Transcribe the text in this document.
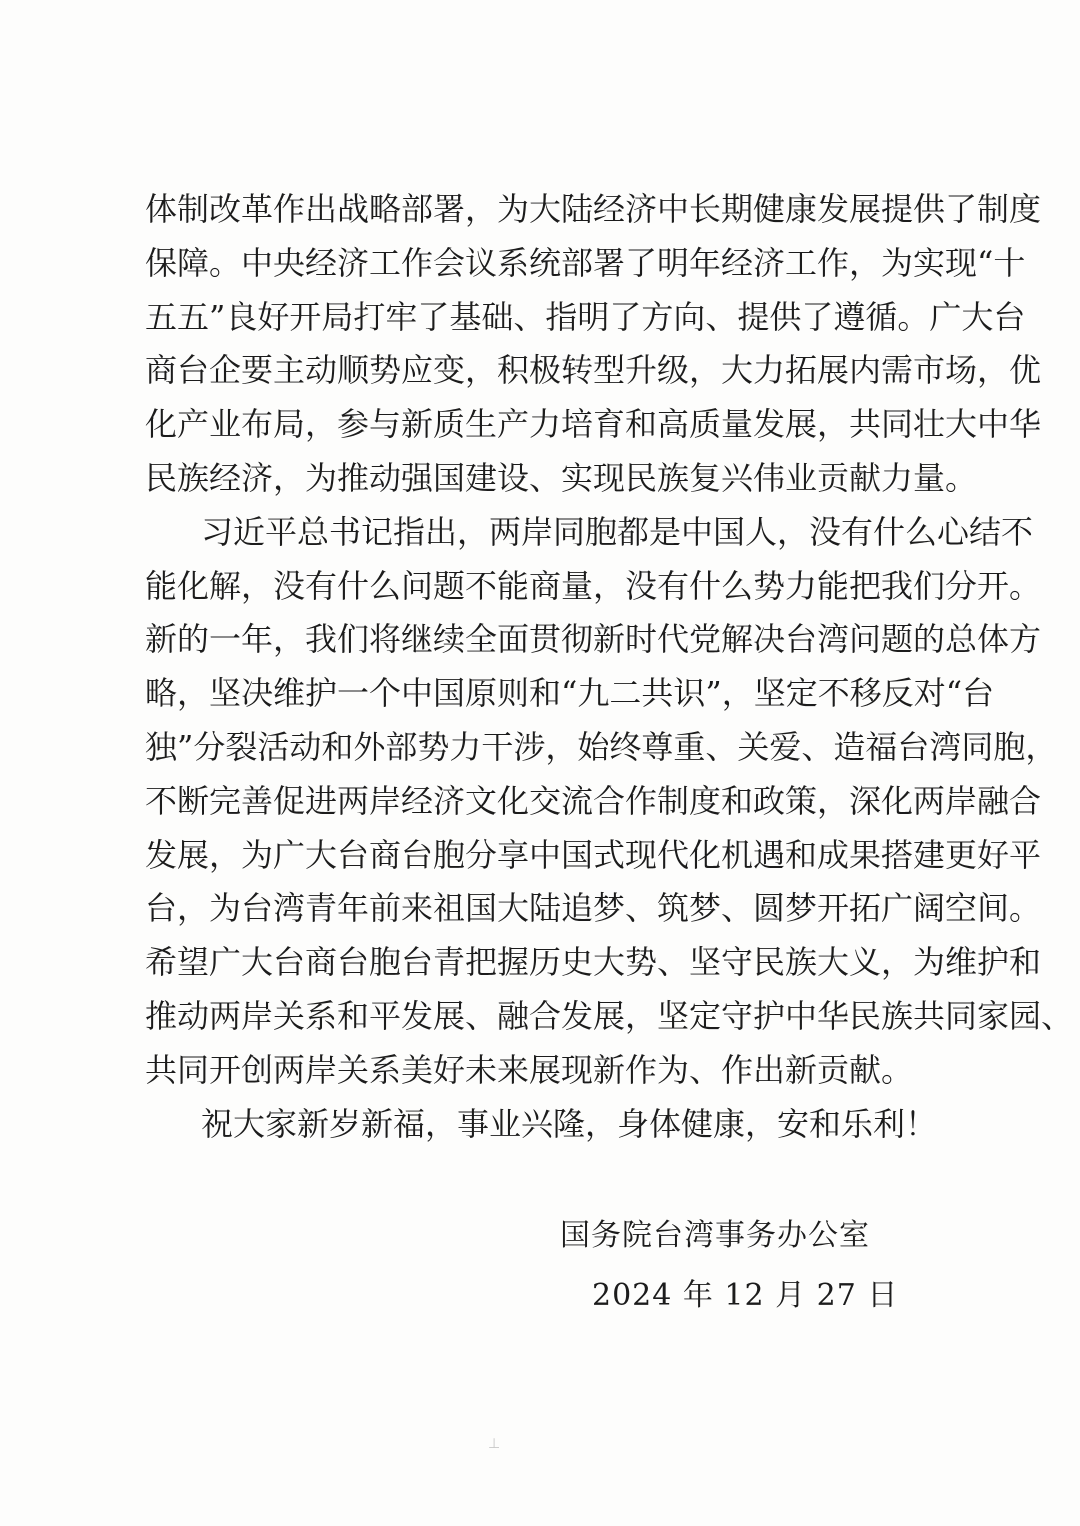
体制改革作出战略部署，为大陆经济中长期健康发展提供了制度
保障。中央经济工作会议系统部署了明年经济工作，为实现“十
五五”良好开局打牢了基础、指明了方向、提供了遵循。广大台
商台企要主动顺势应变，积极转型升级，大力拓展内需市场，优
化产业布局，参与新质生产力培育和高质量发展，共同壮大中华
民族经济，为推动强国建设、实现民族复兴伟业贡献力量。
习近平总书记指出，两岸同胞都是中国人，没有什么心结不
能化解，没有什么问题不能商量，没有什么势力能把我们分开。
新的一年，我们将继续全面贯彻新时代党解决台湾问题的总体方
略，坚决维护一个中国原则和“九二共识”，坚定不移反对“台
独”分裂活动和外部势力干涉，始终尊重、关爱、造福台湾同胞，
不断完善促进两岸经济文化交流合作制度和政策，深化两岸融合
发展，为广大台商台胞分享中国式现代化机遇和成果搭建更好平
台，为台湾青年前来祖国大陆追梦、筑梦、圆梦开拓广阔空间。
希望广大台商台胞台青把握历史大势、坚守民族大义，为维护和
推动两岸关系和平发展、融合发展，坚定守护中华民族共同家园、
共同开创两岸关系美好未来展现新作为、作出新贡献。
祝大家新岁新福，事业兴隆，身体健康，安和乐利！
国务院台湾事务办公室
2024 年 12 月 27 日
⊥
